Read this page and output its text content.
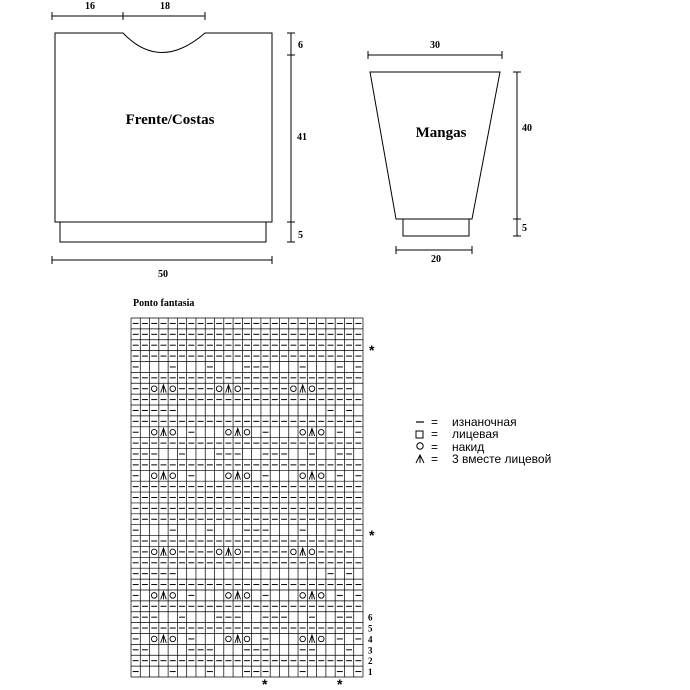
Frente/Costas
16	18
6
41
5
50
Mangas
30
40
5
20
Ponto fantasia
1
2
3
4
5
6
*
*
*	*
= изнаночная
= лицевая
= накид
= 3 вместе лицевой
